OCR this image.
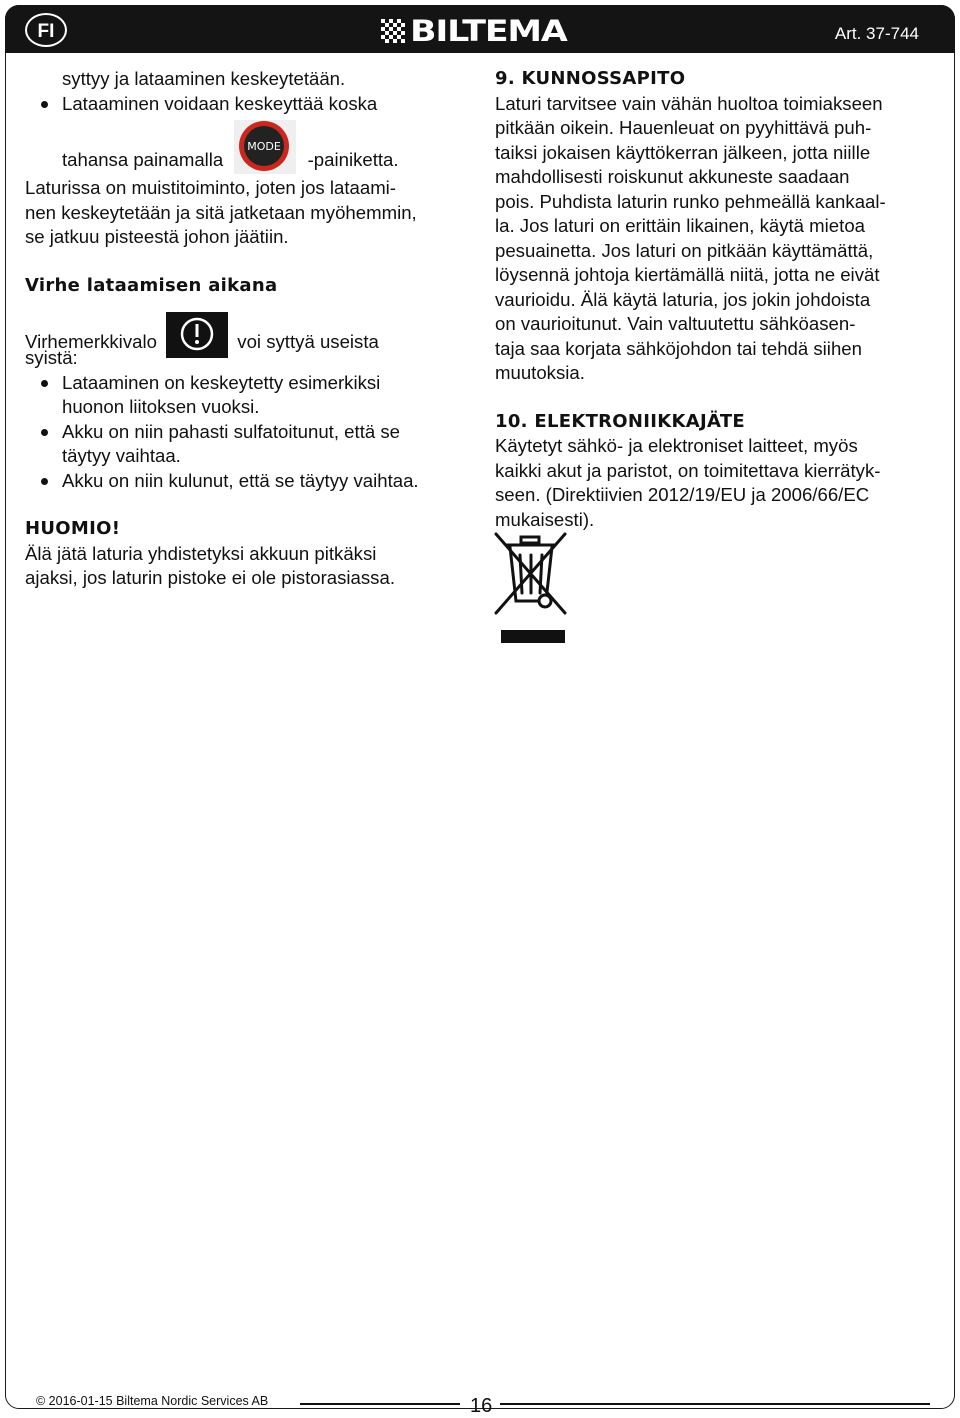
FI	BILTEMA	Art. 37-744

syttyy ja lataaminen keskeytetään.

Lataaminen voidaan keskeyttää koska

tahansa painamalla
MODE
-painiketta.

Laturissa on muistitoiminto, joten jos lataami-

nen keskeytetään ja sitä jatketaan myöhemmin,

se jatkuu pisteestä johon jäätiin.

Virhe lataamisen aikana

Virhemerkkivalo	voi syttyä useista

syistä:

Lataaminen on keskeytetty esimerkiksi
huonon liitoksen vuoksi.
Akku on niin pahasti sulfatoitunut, että se
täytyy vaihtaa.
Akku on niin kulunut, että se täytyy vaihtaa.

HUOMIO!

Älä jätä laturia yhdistetyksi akkuun pitkäksi

ajaksi, jos laturin pistoke ei ole pistorasiassa.

9. KUNNOSSAPITO

Laturi tarvitsee vain vähän huoltoa toimiakseen

pitkään oikein. Hauenleuat on pyyhittävä puh-

taiksi jokaisen käyttökerran jälkeen, jotta niille

mahdollisesti roiskunut akkuneste saadaan

pois. Puhdista laturin runko pehmeällä kankaal-

la. Jos laturi on erittäin likainen, käytä mietoa

pesuainetta. Jos laturi on pitkään käyttämättä,

löysennä johtoja kiertämällä niitä, jotta ne eivät

vaurioidu. Älä käytä laturia, jos jokin johdoista

on vaurioitunut. Vain valtuutettu sähköasen-

taja saa korjata sähköjohdon tai tehdä siihen

muutoksia.

10. ELEKTRONIIKKAJÄTE

Käytetyt sähkö- ja elektroniset laitteet, myös

kaikki akut ja paristot, on toimitettava kierrätyk-

seen. (Direktiivien 2012/19/EU ja 2006/66/EC

mukaisesti).

© 2016-01-15 Biltema Nordic Services AB	16
